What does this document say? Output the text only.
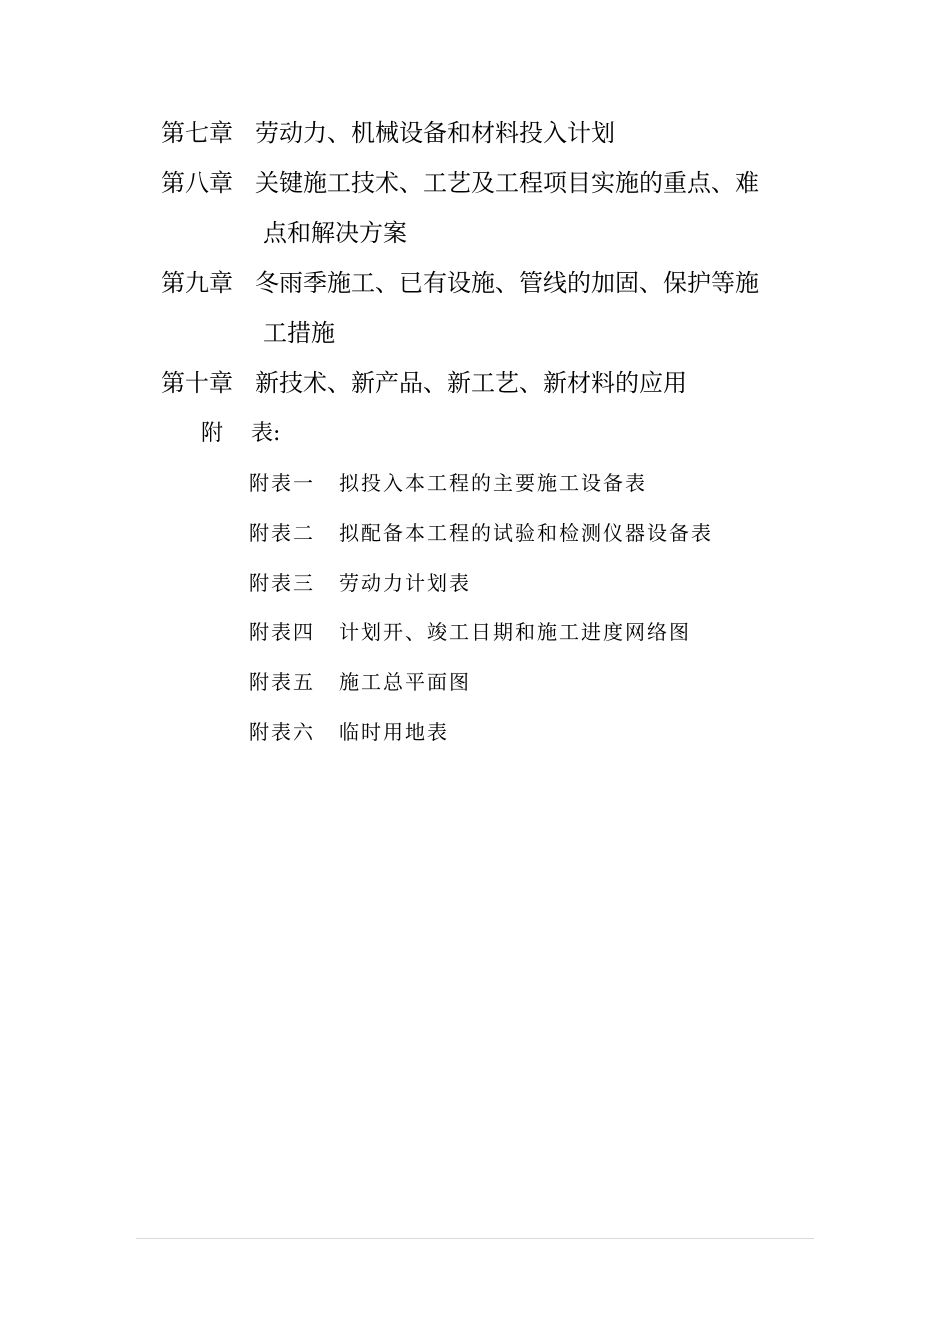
第七章 劳动力、机械设备和材料投入计划
第八章 关键施工技术、工艺及工程项目实施的重点、难
点和解决方案
第九章 冬雨季施工、已有设施、管线的加固、保护等施
工措施
第十章 新技术、新产品、新工艺、新材料的应用
附 表:
附表一 拟投入本工程的主要施工设备表
附表二 拟配备本工程的试验和检测仪器设备表
附表三 劳动力计划表
附表四 计划开、竣工日期和施工进度网络图
附表五 施工总平面图
附表六 临时用地表
